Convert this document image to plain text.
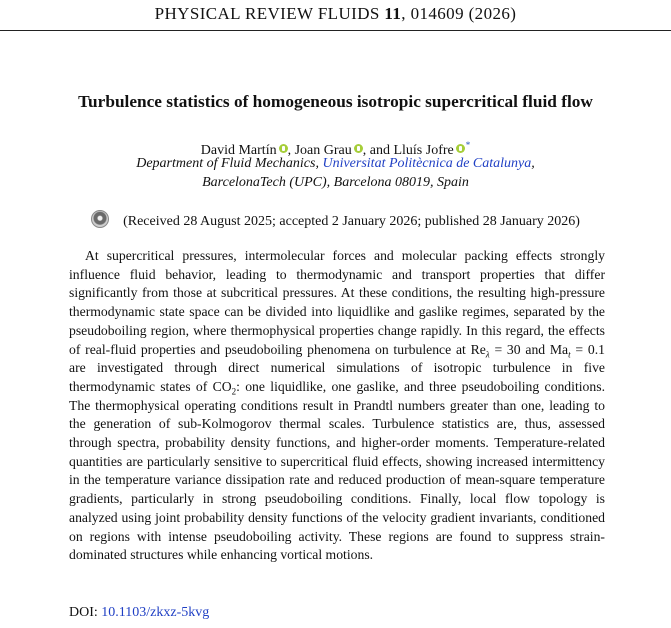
PHYSICAL REVIEW FLUIDS 11, 014609 (2026)
Turbulence statistics of homogeneous isotropic supercritical fluid flow
David Martín , Joan Grau , and Lluís Jofre *
Department of Fluid Mechanics, Universitat Politècnica de Catalunya,
BarcelonaTech (UPC), Barcelona 08019, Spain
(Received 28 August 2025; accepted 2 January 2026; published 28 January 2026)

At supercritical pressures, intermolecular forces and molecular packing effects strongly influence fluid behavior, leading to thermodynamic and transport properties that differ significantly from those at subcritical pressures. At these conditions, the resulting high-pressure thermodynamic state space can be divided into liquidlike and gaslike regimes, separated by the pseudoboiling region, where thermophysical properties change rapidly. In this regard, the effects of real-fluid properties and pseudoboiling phenomena on turbulence at $Re_\lambda = 30$ and $Ma_t = 0.1$ are investigated through direct numerical simulations of isotropic turbulence in five thermodynamic states of $CO_2$: one liquidlike, one gaslike, and three pseudoboiling conditions. The thermophysical operating conditions result in Prandtl numbers greater than one, leading to the generation of sub-Kolmogorov thermal scales. Turbulence statistics are, thus, assessed through spectra, probability density functions, and higher-order moments. Temperature-related quantities are particularly sensitive to supercritical fluid effects, showing increased intermittency in the temperature variance dissipation rate and reduced production of mean-square temperature gradients, particularly in strong pseudoboiling conditions. Finally, local flow topology is analyzed using joint probability density functions of the velocity gradient invariants, conditioned on regions with intense pseudoboiling activity. These regions are found to suppress strain-dominated structures while enhancing vortical motions.

DOI: 10.1103/zkxz-5kvg
